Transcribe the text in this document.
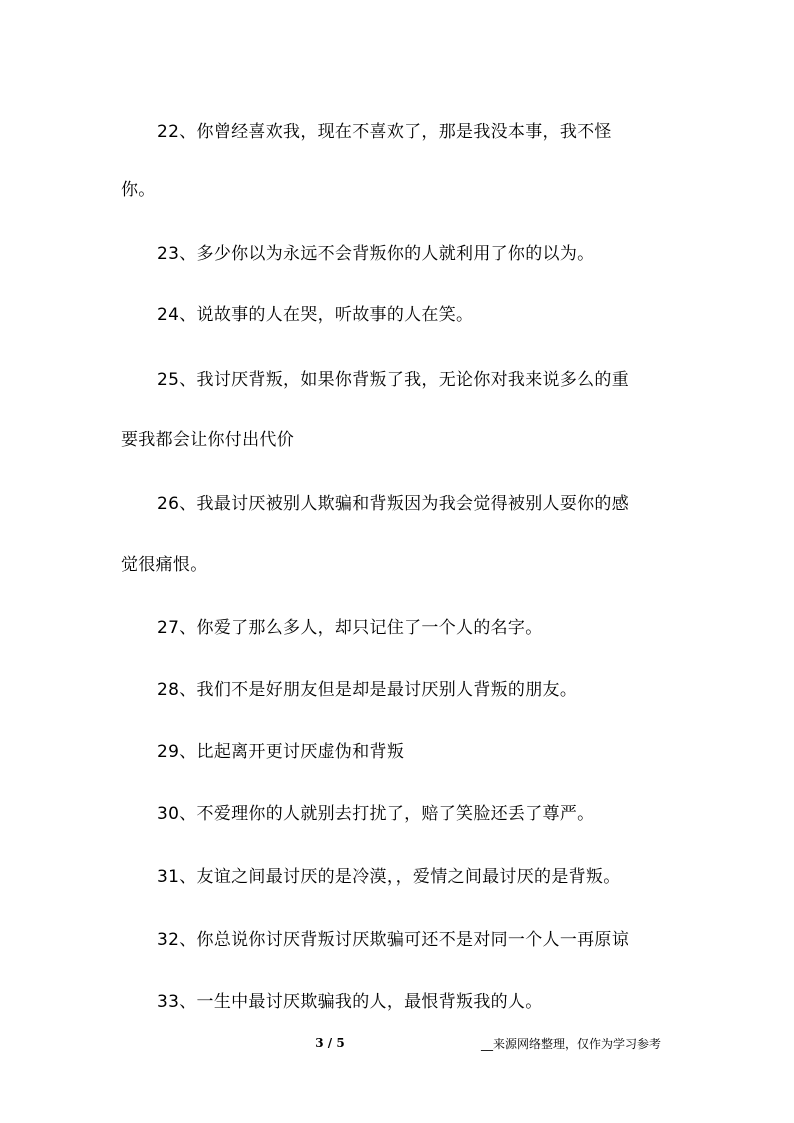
22、你曾经喜欢我，现在不喜欢了，那是我没本事，我不怪
你。
23、多少你以为永远不会背叛你的人就利用了你的以为。
24、说故事的人在哭，听故事的人在笑。
25、我讨厌背叛，如果你背叛了我，无论你对我来说多么的重
要我都会让你付出代价
26、我最讨厌被别人欺骗和背叛因为我会觉得被别人耍你的感
觉很痛恨。
27、你爱了那么多人，却只记住了一个人的名字。
28、我们不是好朋友但是却是最讨厌别人背叛的朋友。
29、比起离开更讨厌虚伪和背叛
30、不爱理你的人就别去打扰了，赔了笑脸还丢了尊严。
31、友谊之间最讨厌的是冷漠，，爱情之间最讨厌的是背叛。
32、你总说你讨厌背叛讨厌欺骗可还不是对同一个人一再原谅
33、一生中最讨厌欺骗我的人，最恨背叛我的人。
3 / 5	__来源网络整理，仅作为学习参考
